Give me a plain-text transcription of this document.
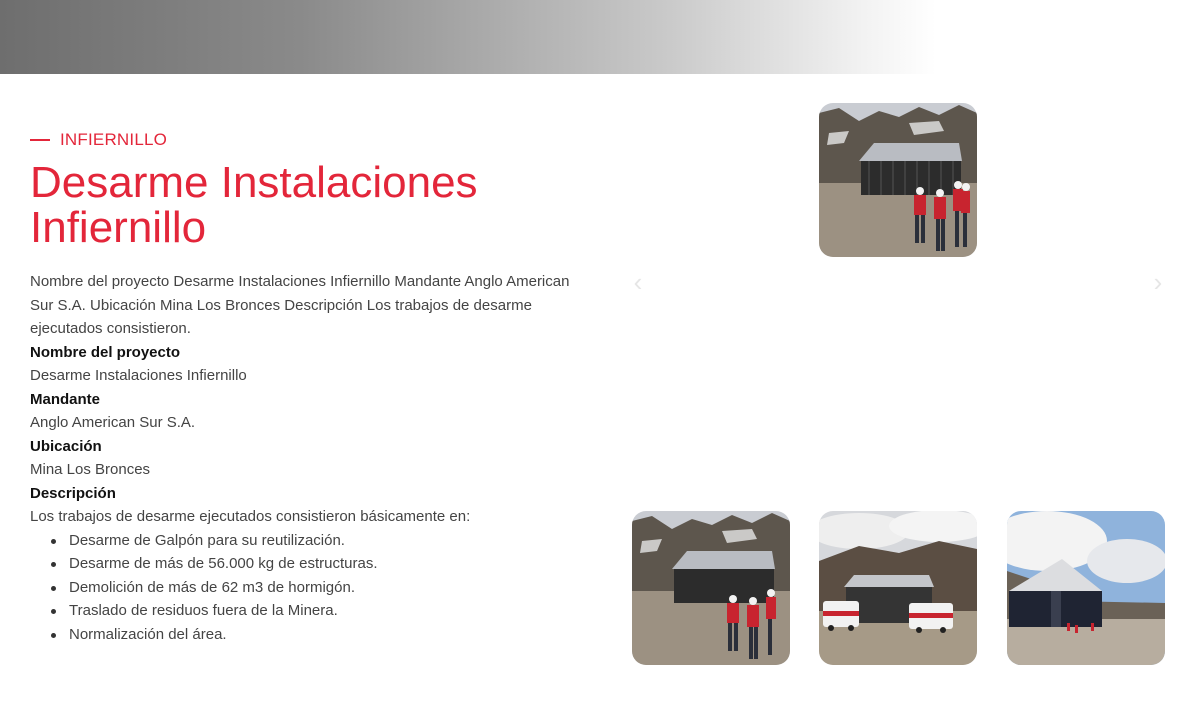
INFIERNILLO
Desarme Instalaciones Infiernillo

Nombre del proyecto Desarme Instalaciones Infiernillo Mandante Anglo American Sur S.A. Ubicación Mina Los Bronces Descripción Los trabajos de desarme ejecutados consistieron.

Nombre del proyecto

Desarme Instalaciones Infiernillo

Mandante

Anglo American Sur S.A.

Ubicación

Mina Los Bronces

Descripción

Los trabajos de desarme ejecutados consistieron básicamente en:

Desarme de Galpón para su reutilización.
Desarme de más de 56.000 kg de estructuras.
Demolición de más de 62 m3 de hormigón.
Traslado de residuos fuera de la Minera.
Normalización del área.
‹	›
